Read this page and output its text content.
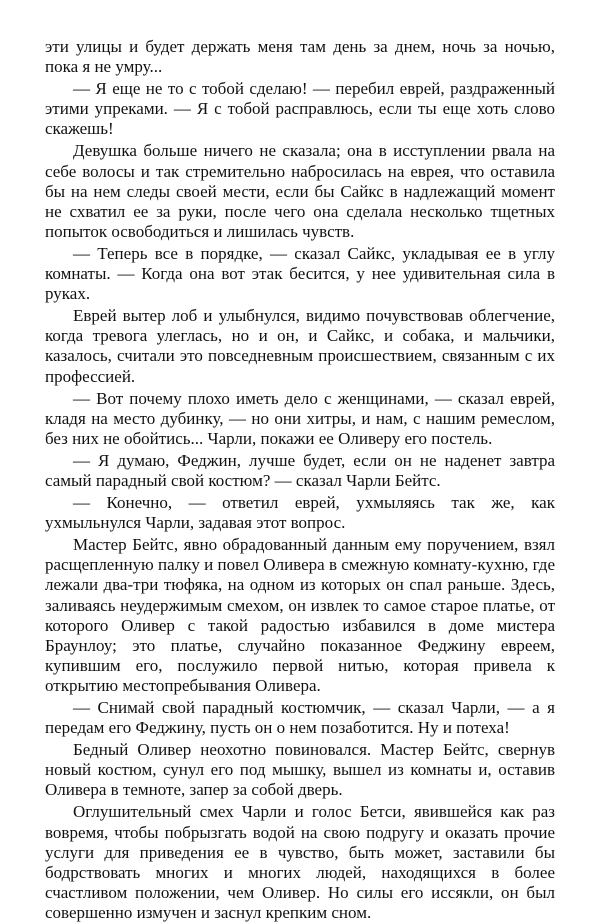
эти улицы и будет держать меня там день за днем, ночь за ночью, пока я не умру...

— Я еще не то с тобой сделаю! — перебил еврей, раздраженный этими упреками. — Я с тобой расправлюсь, если ты еще хоть слово скажешь!

Девушка больше ничего не сказала; она в исступлении рвала на себе волосы и так стремительно набросилась на еврея, что оставила бы на нем следы своей мести, если бы Сайкс в надлежащий момент не схватил ее за руки, после чего она сделала несколько тщетных попыток освободиться и лишилась чувств.

— Теперь все в порядке, — сказал Сайкс, укладывая ее в углу комнаты. — Когда она вот этак бесится, у нее удивительная сила в руках.

Еврей вытер лоб и улыбнулся, видимо почувствовав облегчение, когда тревога улеглась, но и он, и Сайкс, и собака, и мальчики, казалось, считали это повседневным происшествием, связанным с их профессией.

— Вот почему плохо иметь дело с женщинами, — сказал еврей, кладя на место дубинку, — но они хитры, и нам, с нашим ремеслом, без них не обойтись... Чарли, покажи ее Оливеру его постель.

— Я думаю, Феджин, лучше будет, если он не наденет завтра самый парадный свой костюм? — сказал Чарли Бейтс.

— Конечно, — ответил еврей, ухмыляясь так же, как ухмыльнулся Чарли, задавая этот вопрос.

Мастер Бейтс, явно обрадованный данным ему поручением, взял расщепленную палку и повел Оливера в смежную комнату-кухню, где лежали два-три тюфяка, на одном из которых он спал раньше. Здесь, заливаясь неудержимым смехом, он извлек то самое старое платье, от которого Оливер с такой радостью избавился в доме мистера Браунлоу; это платье, случайно показанное Феджину евреем, купившим его, послужило первой нитью, которая привела к открытию местопребывания Оливера.

— Снимай свой парадный костюмчик, — сказал Чарли, — а я передам его Феджину, пусть он о нем позаботится. Ну и потеха!

Бедный Оливер неохотно повиновался. Мастер Бейтс, свернув новый костюм, сунул его под мышку, вышел из комнаты и, оставив Оливера в темноте, запер за собой дверь.

Оглушительный смех Чарли и голос Бетси, явившейся как раз вовремя, чтобы побрызгать водой на свою подругу и оказать прочие услуги для приведения ее в чувство, быть может, заставили бы бодрствовать многих и многих людей, находящихся в более счастливом положении, чем Оливер. Но силы его иссякли, он был совершенно измучен и заснул крепким сном.
